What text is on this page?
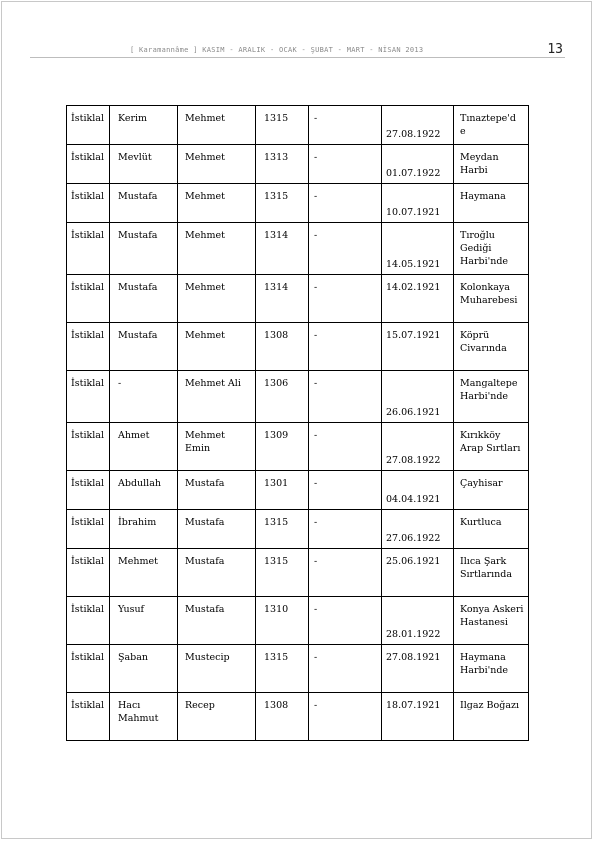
[ Karamannâme ] KASIM - ARALIK - OCAK - ŞUBAT - MART - NİSAN 2013	13
İstiklal	Kerim	Mehmet	1315	-	27.08.1922	Tınaztepe'd e
İstiklal	Mevlüt	Mehmet	1313	-	01.07.1922	Meydan Harbi
İstiklal	Mustafa	Mehmet	1315	-	10.07.1921	Haymana
İstiklal	Mustafa	Mehmet	1314	-	14.05.1921	Tıroğlu Gediği Harbi'nde
İstiklal	Mustafa	Mehmet	1314	-	14.02.1921	Kolonkaya Muharebesi
İstiklal	Mustafa	Mehmet	1308	-	15.07.1921	Köprü Civarında
İstiklal	-	Mehmet Ali	1306	-	26.06.1921	Mangaltepe Harbi'nde
İstiklal	Ahmet	Mehmet Emin	1309	-	27.08.1922	Kırıkköy Arap Sırtları
İstiklal	Abdullah	Mustafa	1301	-	04.04.1921	Çayhisar
İstiklal	İbrahim	Mustafa	1315	-	27.06.1922	Kurtluca
İstiklal	Mehmet	Mustafa	1315	-	25.06.1921	Ilıca Şark Sırtlarında
İstiklal	Yusuf	Mustafa	1310	-	28.01.1922	Konya Askeri Hastanesi
İstiklal	Şaban	Mustecip	1315	-	27.08.1921	Haymana Harbi'nde
İstiklal	Hacı Mahmut	Recep	1308	-	18.07.1921	Ilgaz Boğazı
